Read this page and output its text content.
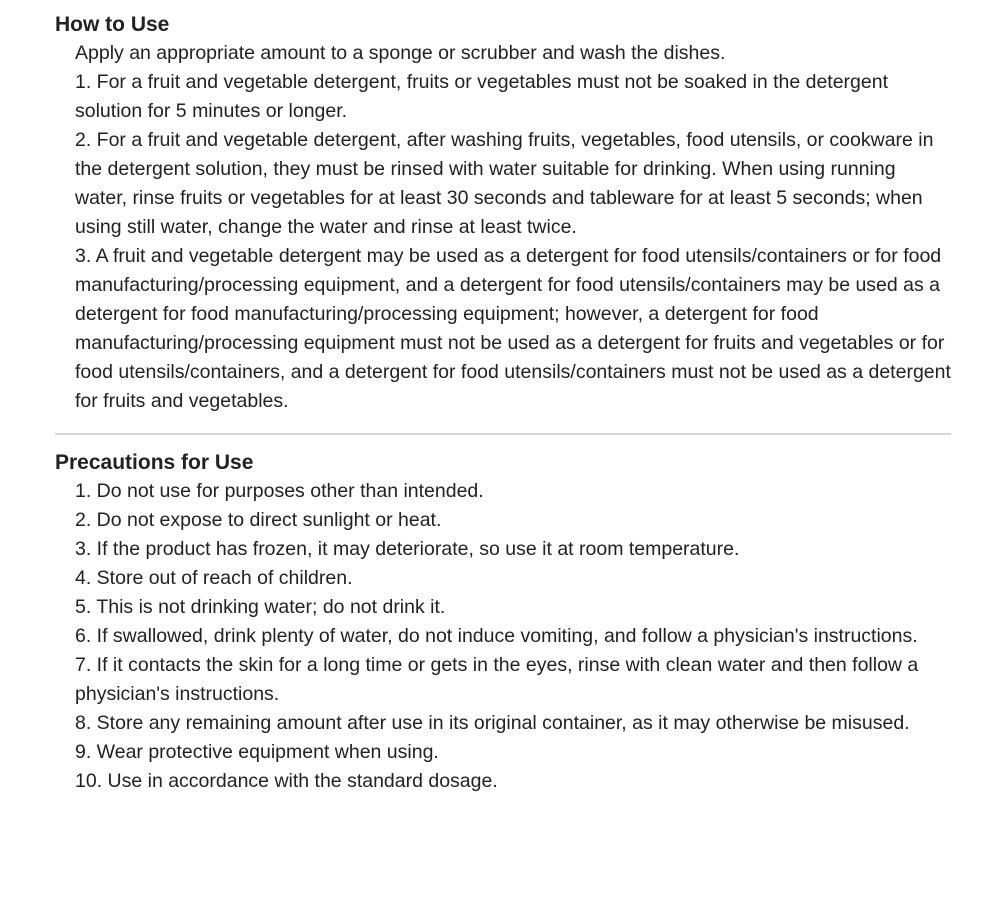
How to Use

Apply an appropriate amount to a sponge or scrubber and wash the dishes.

1. For a fruit and vegetable detergent, fruits or vegetables must not be soaked in the detergent solution for 5 minutes or longer.

2. For a fruit and vegetable detergent, after washing fruits, vegetables, food utensils, or cookware in the detergent solution, they must be rinsed with water suitable for drinking. When using running water, rinse fruits or vegetables for at least 30 seconds and tableware for at least 5 seconds; when using still water, change the water and rinse at least twice.

3. A fruit and vegetable detergent may be used as a detergent for food utensils/containers or for food manufacturing/processing equipment, and a detergent for food utensils/containers may be used as a detergent for food manufacturing/processing equipment; however, a detergent for food manufacturing/processing equipment must not be used as a detergent for fruits and vegetables or for food utensils/containers, and a detergent for food utensils/containers must not be used as a detergent for fruits and vegetables.

Precautions for Use

1. Do not use for purposes other than intended.

2. Do not expose to direct sunlight or heat.

3. If the product has frozen, it may deteriorate, so use it at room temperature.

4. Store out of reach of children.

5. This is not drinking water; do not drink it.

6. If swallowed, drink plenty of water, do not induce vomiting, and follow a physician's instructions.

7. If it contacts the skin for a long time or gets in the eyes, rinse with clean water and then follow a physician's instructions.

8. Store any remaining amount after use in its original container, as it may otherwise be misused.

9. Wear protective equipment when using.

10. Use in accordance with the standard dosage.
